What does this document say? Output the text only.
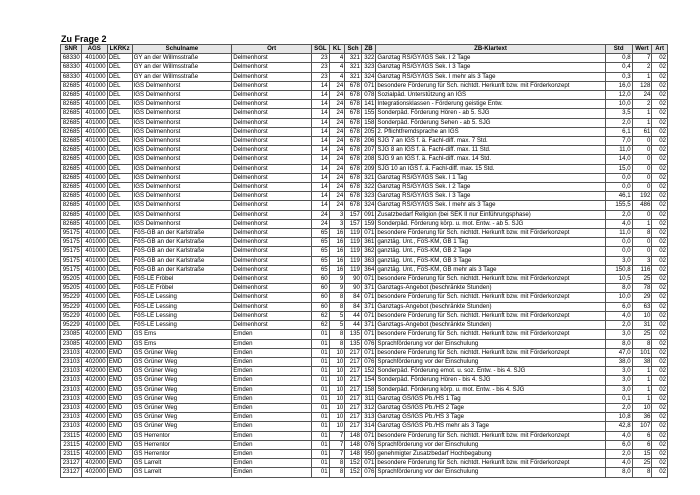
Zu Frage 2
SNR	AGS	LKRKz	Schulname	Ort	SGL	KL	Sch	ZB	ZB-Klartext	Std	Wert	Art
68330	401000	DEL	GY an der Willmsstraße	Delmenhorst	23	4	321	322	Ganztag RS/GY/IGS Sek. I 2 Tage	0,8	7	02
68330	401000	DEL	GY an der Willmsstraße	Delmenhorst	23	4	321	323	Ganztag RS/GY/IGS Sek. I 3 Tage	0,4	2	02
68330	401000	DEL	GY an der Willmsstraße	Delmenhorst	23	4	321	324	Ganztag RS/GY/IGS Sek. I mehr als 3 Tage	0,3	1	02
82685	401000	DEL	IGS Delmenhorst	Delmenhorst	14	24	678	071	besondere Förderung für Sch. nichtdt. Herkunft bzw. mit Förderkonzept	16,0	128	02
82685	401000	DEL	IGS Delmenhorst	Delmenhorst	14	24	678	078	Sozialpäd. Unterstützung an IGS	12,0	24	02
82685	401000	DEL	IGS Delmenhorst	Delmenhorst	14	24	678	141	Integrationsklassen - Förderung geistige Entw.	10,0	2	02
82685	401000	DEL	IGS Delmenhorst	Delmenhorst	14	24	678	155	Sonderpäd. Förderung Hören - ab 5. SJG	3,5	1	02
82685	401000	DEL	IGS Delmenhorst	Delmenhorst	14	24	678	158	Sonderpäd. Förderung Sehen - ab 5. SJG	2,0	1	02
82685	401000	DEL	IGS Delmenhorst	Delmenhorst	14	24	678	205	2. Pflichtfremdsprache an IGS	6,1	61	02
82685	401000	DEL	IGS Delmenhorst	Delmenhorst	14	24	678	206	SJG 7 an IGS f. ä. Fachl-diff. max. 7 Std.	7,0	0	02
82685	401000	DEL	IGS Delmenhorst	Delmenhorst	14	24	678	207	SJG 8 an IGS f. ä. Fachl-diff. max. 11 Std.	11,0	0	02
82685	401000	DEL	IGS Delmenhorst	Delmenhorst	14	24	678	208	SJG 9 an IGS f. ä. Fachl-diff. max. 14 Std.	14,0	0	02
82685	401000	DEL	IGS Delmenhorst	Delmenhorst	14	24	678	209	SJG 10 an IGS f. ä. Fachl-diff. max. 15 Std.	15,0	0	02
82685	401000	DEL	IGS Delmenhorst	Delmenhorst	14	24	678	321	Ganztag RS/GY/IGS Sek. I 1 Tag	0,0	0	02
82685	401000	DEL	IGS Delmenhorst	Delmenhorst	14	24	678	322	Ganztag RS/GY/IGS Sek. I 2 Tage	0,0	0	02
82685	401000	DEL	IGS Delmenhorst	Delmenhorst	14	24	678	323	Ganztag RS/GY/IGS Sek. I 3 Tage	46,1	192	02
82685	401000	DEL	IGS Delmenhorst	Delmenhorst	14	24	678	324	Ganztag RS/GY/IGS Sek. I mehr als 3 Tage	155,5	486	02
82685	401000	DEL	IGS Delmenhorst	Delmenhorst	24	3	157	091	Zusatzbedarf Religion (bei SEK II nur Einführungsphase)	2,0	0	02
82685	401000	DEL	IGS Delmenhorst	Delmenhorst	24	3	157	159	Sonderpäd. Förderung körp. u. mot. Entw. - ab 5. SJG	4,0	1	02
95175	401000	DEL	FöS-GB an der Karlstraße	Delmenhorst	65	16	119	071	besondere Förderung für Sch. nichtdt. Herkunft bzw. mit Förderkonzept	11,0	8	02
95175	401000	DEL	FöS-GB an der Karlstraße	Delmenhorst	65	16	119	361	ganztäg. Unt., FöS-KM, GB 1 Tag	0,0	0	02
95175	401000	DEL	FöS-GB an der Karlstraße	Delmenhorst	65	16	119	362	ganztäg. Unt., FöS-KM, GB 2 Tage	0,0	0	02
95175	401000	DEL	FöS-GB an der Karlstraße	Delmenhorst	65	16	119	363	ganztäg. Unt., FöS-KM, GB 3 Tage	3,0	3	02
95175	401000	DEL	FöS-GB an der Karlstraße	Delmenhorst	65	16	119	364	ganztäg. Unt., FöS-KM, GB mehr als 3 Tage	150,8	116	02
95205	401000	DEL	FöS-LE Fröbel	Delmenhorst	60	9	90	071	besondere Förderung für Sch. nichtdt. Herkunft bzw. mit Förderkonzept	10,5	25	02
95205	401000	DEL	FöS-LE Fröbel	Delmenhorst	60	9	90	371	Ganztags-Angebot (beschränkte Stunden)	8,0	78	02
95229	401000	DEL	FöS-LE Lessing	Delmenhorst	60	8	84	071	besondere Förderung für Sch. nichtdt. Herkunft bzw. mit Förderkonzept	10,0	29	02
95229	401000	DEL	FöS-LE Lessing	Delmenhorst	60	8	84	371	Ganztags-Angebot (beschränkte Stunden)	6,0	63	02
95229	401000	DEL	FöS-LE Lessing	Delmenhorst	62	5	44	071	besondere Förderung für Sch. nichtdt. Herkunft bzw. mit Förderkonzept	4,0	10	02
95229	401000	DEL	FöS-LE Lessing	Delmenhorst	62	5	44	371	Ganztags-Angebot (beschränkte Stunden)	2,0	31	02
23085	402000	EMD	GS Ems	Emden	01	8	135	071	besondere Förderung für Sch. nichtdt. Herkunft bzw. mit Förderkonzept	3,0	25	02
23085	402000	EMD	GS Ems	Emden	01	8	135	076	Sprachförderung vor der Einschulung	8,0	8	02
23103	402000	EMD	GS Grüner Weg	Emden	01	10	217	071	besondere Förderung für Sch. nichtdt. Herkunft bzw. mit Förderkonzept	47,0	101	02
23103	402000	EMD	GS Grüner Weg	Emden	01	10	217	076	Sprachförderung vor der Einschulung	38,0	38	02
23103	402000	EMD	GS Grüner Weg	Emden	01	10	217	152	Sonderpäd. Förderung emot. u. soz. Entw. - bis 4. SJG	3,0	1	02
23103	402000	EMD	GS Grüner Weg	Emden	01	10	217	154	Sonderpäd. Förderung Hören - bis 4. SJG	3,0	1	02
23103	402000	EMD	GS Grüner Weg	Emden	01	10	217	158	Sonderpäd. Förderung körp. u. mot. Entw. - bis 4. SJG	3,0	1	02
23103	402000	EMD	GS Grüner Weg	Emden	01	10	217	311	Ganztag GS/IGS Pb./HS 1 Tag	0,1	1	02
23103	402000	EMD	GS Grüner Weg	Emden	01	10	217	312	Ganztag GS/IGS Pb./HS 2 Tage	2,0	10	02
23103	402000	EMD	GS Grüner Weg	Emden	01	10	217	313	Ganztag GS/IGS Pb./HS 3 Tage	10,8	36	02
23103	402000	EMD	GS Grüner Weg	Emden	01	10	217	314	Ganztag GS/IGS Pb./HS mehr als 3 Tage	42,8	107	02
23115	402000	EMD	GS Herrentor	Emden	01	7	148	071	besondere Förderung für Sch. nichtdt. Herkunft bzw. mit Förderkonzept	4,0	6	02
23115	402000	EMD	GS Herrentor	Emden	01	7	148	076	Sprachförderung vor der Einschulung	6,0	6	02
23115	402000	EMD	GS Herrentor	Emden	01	7	148	950	genehmigter Zusatzbedarf Hochbegabung	2,0	15	02
23127	402000	EMD	GS Larrelt	Emden	01	8	152	071	besondere Förderung für Sch. nichtdt. Herkunft bzw. mit Förderkonzept	4,0	25	02
23127	402000	EMD	GS Larrelt	Emden	01	8	152	076	Sprachförderung vor der Einschulung	8,0	8	02
